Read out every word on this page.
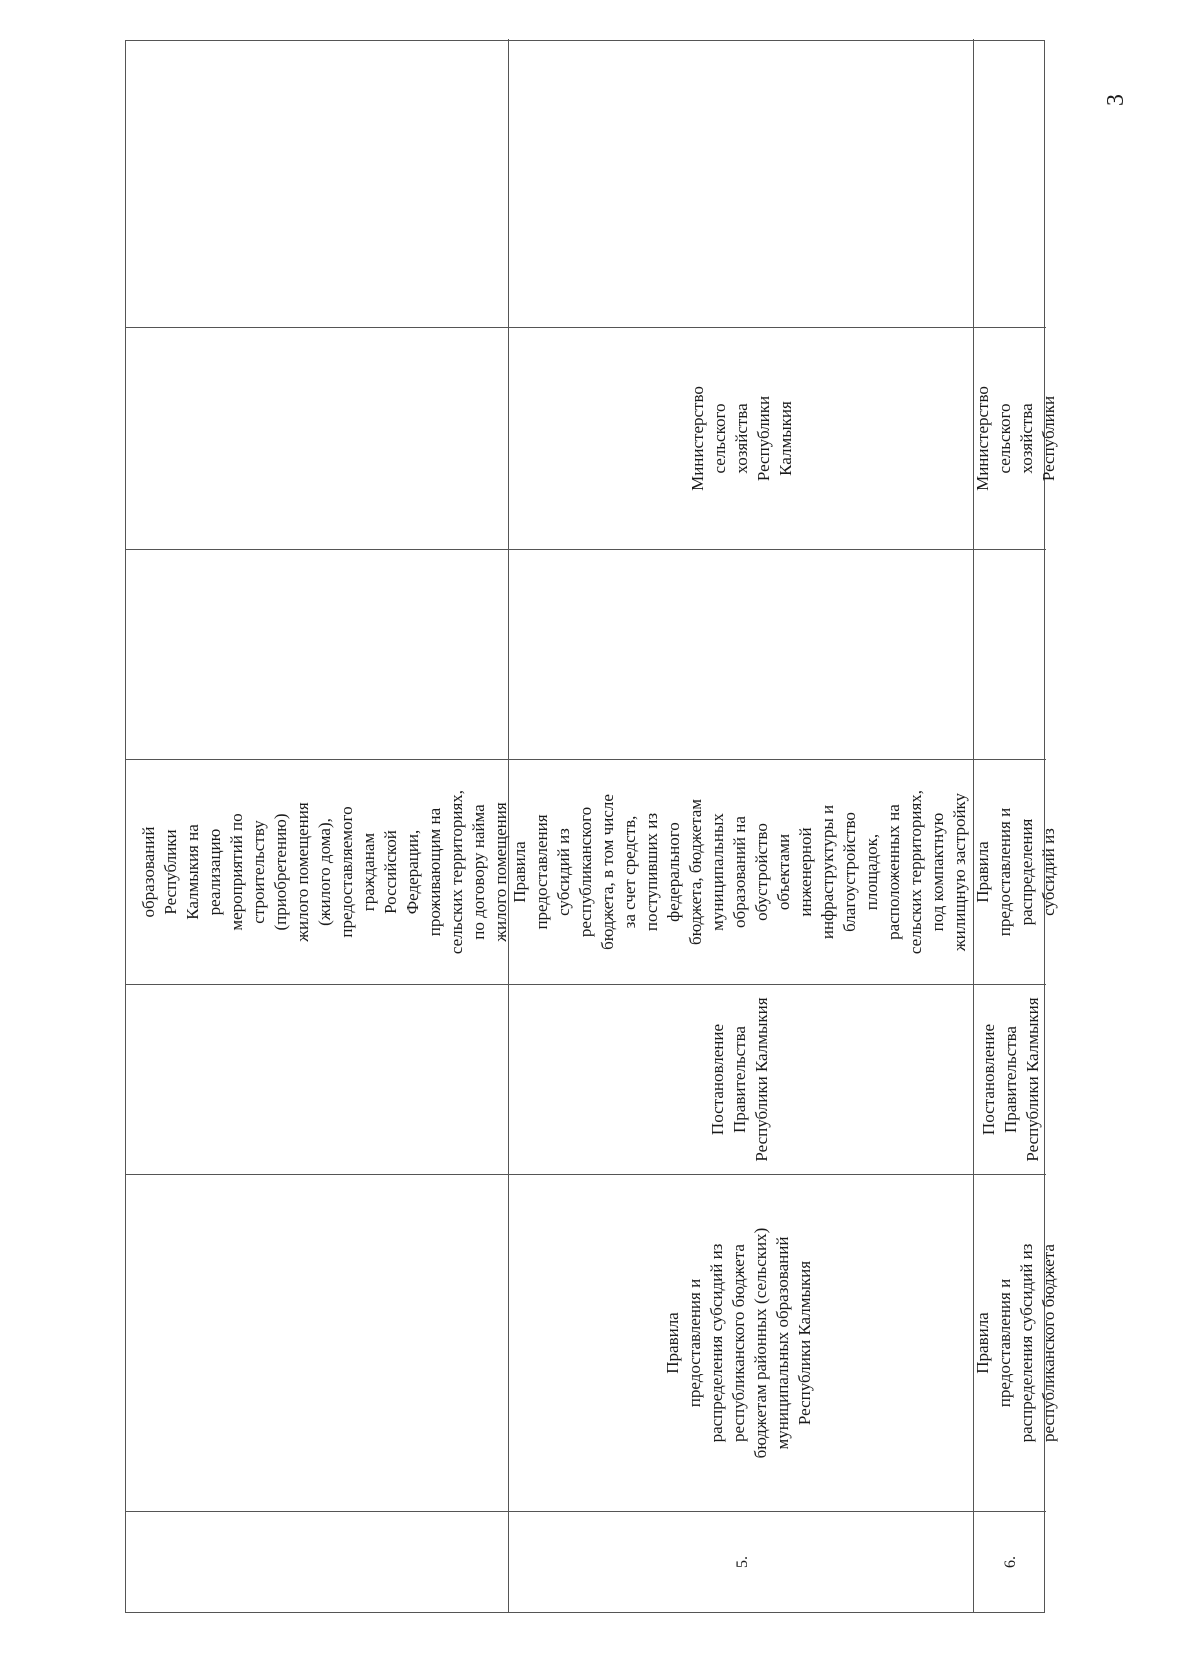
образований Республики Калмыкия на реализацию мероприятий по строительству (приобретению) жилого помещения (жилого дома), предоставляемого гражданам Российской Федерации, проживающим на сельских территориях, по договору найма жилого помещения
5.
Правила предоставления и распределения субсидий из республиканского бюджета бюджетам районных (сельских) муниципальных образований Республики Калмыкия
Постановление Правительства Республики Калмыкия
Правила предоставления субсидий из республиканского бюджета, в том числе за счет средств, поступивших из федерального бюджета, бюджетам муниципальных образований на обустройство объектами инженерной инфраструктуры и благоустройство площадок, расположенных на сельских территориях, под компактную жилищную застройку
Министерство сельского хозяйства Республики Калмыкия
6.
Правила предоставления и распределения субсидий из республиканского бюджета
Постановление Правительства Республики Калмыкия
Правила предоставления и распределения субсидий из
Министерство сельского хозяйства Республики
3
